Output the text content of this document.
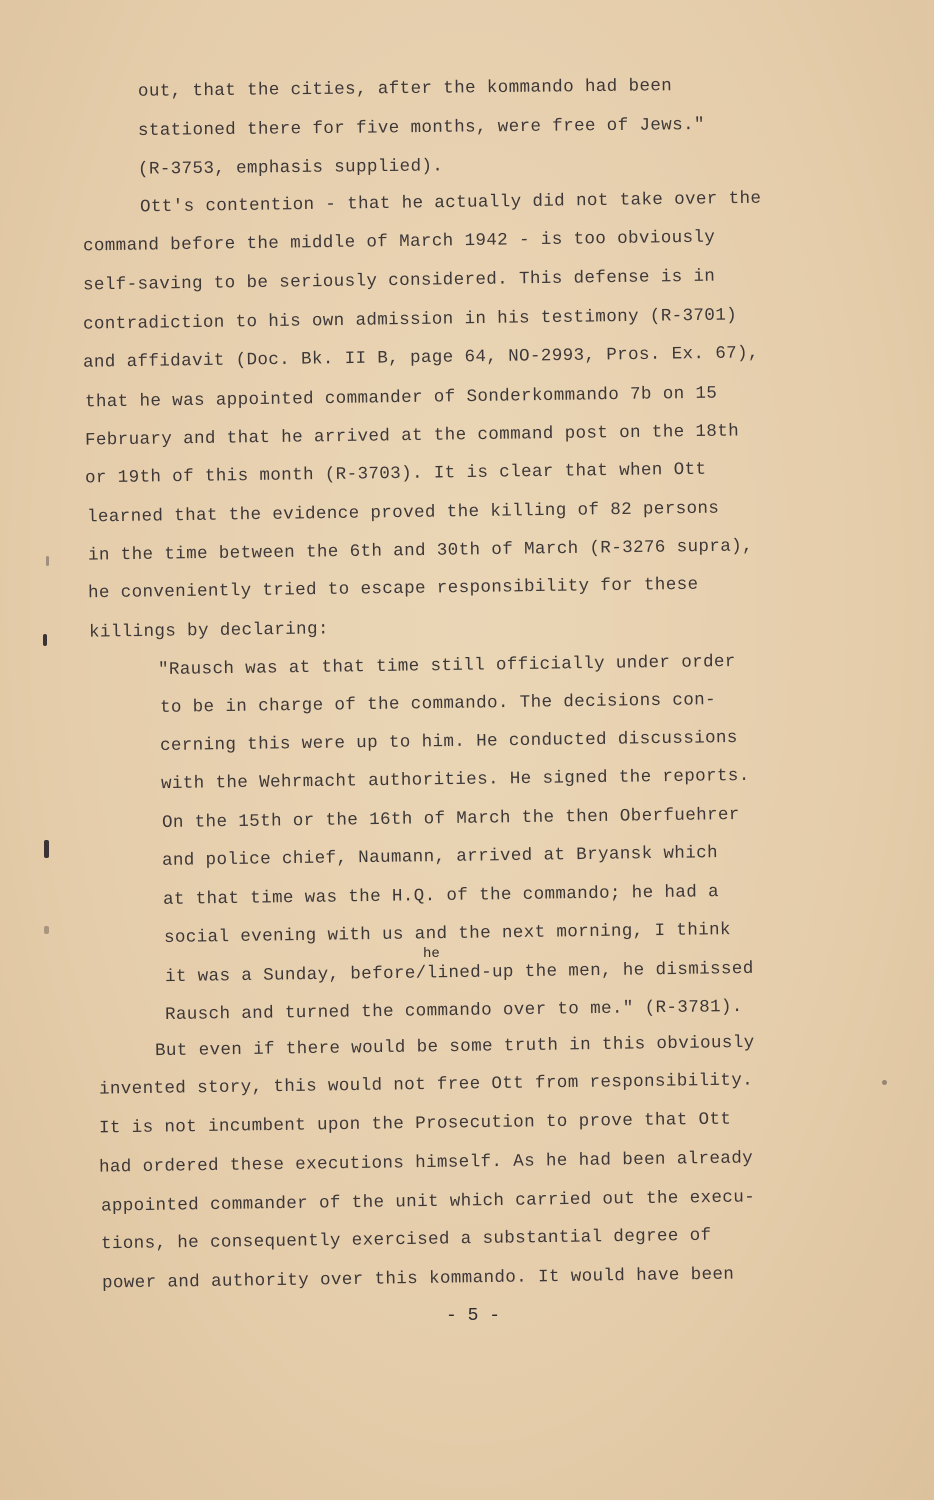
out, that the cities, after the kommando had been
stationed there for five months, were free of Jews."
(R-3753, emphasis supplied).
Ott's contention - that he actually did not take over the
command before the middle of March 1942 - is too obviously
self-saving to be seriously considered. This defense is in
contradiction to his own admission in his testimony (R-3701)
and affidavit (Doc. Bk. II B, page 64, NO-2993, Pros. Ex. 67),
that he was appointed commander of Sonderkommando 7b on 15
February and that he arrived at the command post on the 18th
or 19th of this month (R-3703). It is clear that when Ott
learned that the evidence proved the killing of 82 persons
in the time between the 6th and 30th of March (R-3276 supra),
he conveniently tried to escape responsibility for these
killings by declaring:
"Rausch was at that time still officially under order
to be in charge of the commando. The decisions con-
cerning this were up to him. He conducted discussions
with the Wehrmacht authorities. He signed the reports.
On the 15th or the 16th of March the then Oberfuehrer
and police chief, Naumann, arrived at Bryansk which
at that time was the H.Q. of the commando; he had a
social evening with us and the next morning, I think
he
it was a Sunday, before/lined-up the men, he dismissed
Rausch and turned the commando over to me." (R-3781).
But even if there would be some truth in this obviously
invented story, this would not free Ott from responsibility.
It is not incumbent upon the Prosecution to prove that Ott
had ordered these executions himself. As he had been already
appointed commander of the unit which carried out the execu-
tions, he consequently exercised a substantial degree of
power and authority over this kommando. It would have been
- 5 -
